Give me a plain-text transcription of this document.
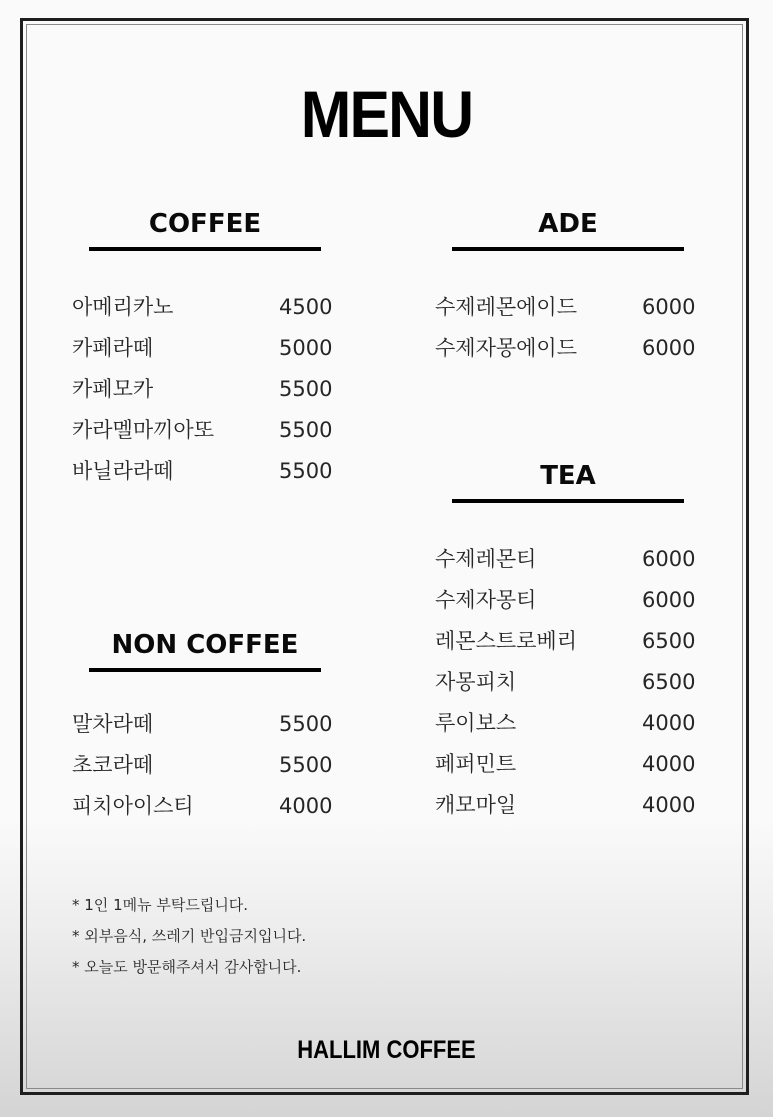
MENU
COFFEE
아메리카노	4500
카페라떼	5000
카페모카	5500
카라멜마끼아또	5500
바닐라라떼	5500
NON COFFEE
말차라떼	5500
초코라떼	5500
피치아이스티	4000
ADE
수제레몬에이드	6000
수제자몽에이드	6000
TEA
수제레몬티	6000
수제자몽티	6000
레몬스트로베리	6500
자몽피치	6500
루이보스	4000
페퍼민트	4000
캐모마일	4000
* 1인 1메뉴 부탁드립니다.
* 외부음식, 쓰레기 반입금지입니다.
* 오늘도 방문해주셔서 감사합니다.
HALLIM COFFEE
